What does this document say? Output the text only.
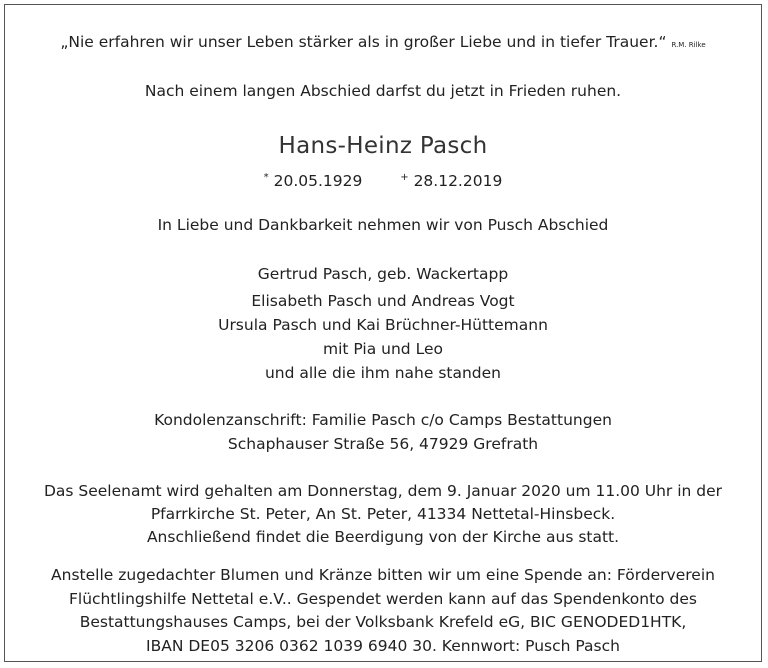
„Nie erfahren wir unser Leben stärker als in großer Liebe und in tiefer Trauer.“ R.M. Rilke
Nach einem langen Abschied darfst du jetzt in Frieden ruhen.
Hans-Heinz Pasch
* 20.05.1929	+ 28.12.2019
In Liebe und Dankbarkeit nehmen wir von Pusch Abschied
Gertrud Pasch, geb. Wackertapp
Elisabeth Pasch und Andreas Vogt
Ursula Pasch und Kai Brüchner-Hüttemann
mit Pia und Leo
und alle die ihm nahe standen
Kondolenzanschrift: Familie Pasch c/o Camps Bestattungen
Schaphauser Straße 56, 47929 Grefrath
Das Seelenamt wird gehalten am Donnerstag, dem 9. Januar 2020 um 11.00 Uhr in der
Pfarrkirche St. Peter, An St. Peter, 41334 Nettetal-Hinsbeck.
Anschließend findet die Beerdigung von der Kirche aus statt.
Anstelle zugedachter Blumen und Kränze bitten wir um eine Spende an: Förderverein
Flüchtlingshilfe Nettetal e.V.. Gespendet werden kann auf das Spendenkonto des
Bestattungshauses Camps, bei der Volksbank Krefeld eG, BIC GENODED1HTK,
IBAN DE05 3206 0362 1039 6940 30. Kennwort: Pusch Pasch
